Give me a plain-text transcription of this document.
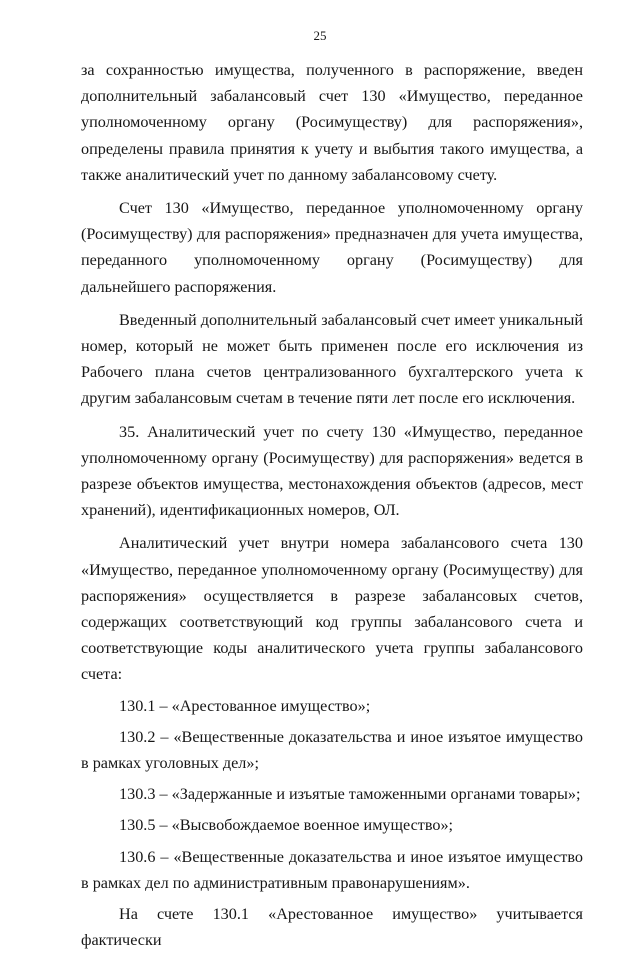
25

за сохранностью имущества, полученного в распоряжение, введен дополнительный забалансовый счет 130 «Имущество, переданное уполномоченному органу (Росимуществу) для распоряжения», определены правила принятия к учету и выбытия такого имущества, а также аналитический учет по данному забалансовому счету.

Счет 130 «Имущество, переданное уполномоченному органу (Росимуществу) для распоряжения» предназначен для учета имущества, переданного уполномоченному органу (Росимуществу) для дальнейшего распоряжения.

Введенный дополнительный забалансовый счет имеет уникальный номер, который не может быть применен после его исключения из Рабочего плана счетов централизованного бухгалтерского учета к другим забалансовым счетам в течение пяти лет после его исключения.

35. Аналитический учет по счету 130 «Имущество, переданное уполномоченному органу (Росимуществу) для распоряжения» ведется в разрезе объектов имущества, местонахождения объектов (адресов, мест хранений), идентификационных номеров, ОЛ.

Аналитический учет внутри номера забалансового счета 130 «Имущество, переданное уполномоченному органу (Росимуществу) для распоряжения» осуществляется в разрезе забалансовых счетов, содержащих соответствующий код группы забалансового счета и соответствующие коды аналитического учета группы забалансового счета:

130.1 – «Арестованное имущество»;

130.2 – «Вещественные доказательства и иное изъятое имущество в рамках уголовных дел»;

130.3 – «Задержанные и изъятые таможенными органами товары»;

130.5 – «Высвобождаемое военное имущество»;

130.6 – «Вещественные доказательства и иное изъятое имущество в рамках дел по административным правонарушениям».

На счете 130.1 «Арестованное имущество» учитывается фактически
